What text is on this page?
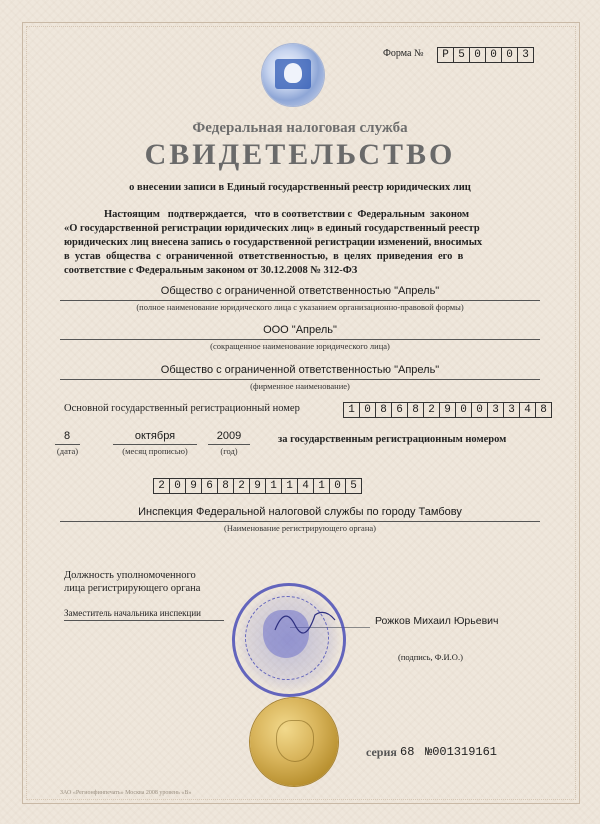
Форма №	Р 5 0 0 0 3
Федеральная налоговая служба
СВИДЕТЕЛЬСТВО
о внесении записи в Единый государственный реестр юридических лиц
Настоящим   подтверждается,   что в соответствии с  Федеральным  законом
«О государственной регистрации юридических лиц» в единый государственный реестр
юридических лиц внесена запись о государственной регистрации изменений, вносимых
в  устав  общества  с  ограниченной  ответственностью,  в  целях  приведения  его  в
соответствие с Федеральным законом от 30.12.2008 № 312-ФЗ
Общество с ограниченной ответственностью "Апрель"
(полное наименование юридического лица с указанием организационно-правовой формы)
ООО "Апрель"
(сокращенное наименование юридического лица)
Общество с ограниченной ответственностью "Апрель"
(фирменное наименование)
Основной государственный регистрационный номер	1 0 8 6 8 2 9 0 0 3 3 4 8
8
(дата)
октября
(месяц прописью)
2009
(год)
за государственным регистрационным номером
2 0 9 6 8 2 9 1 1 4 1 0 5
Инспекция Федеральной налоговой службы по городу Тамбову
(Наименование регистрирующего органа)
Должность уполномоченного
лица регистрирующего органа
Заместитель начальника инспекции
Рожков Михаил Юрьевич
(подпись, Ф.И.О.)
серия 68 №001319161
ЗАО «Регионфинпечать» Москва 2008 уровень «В»
